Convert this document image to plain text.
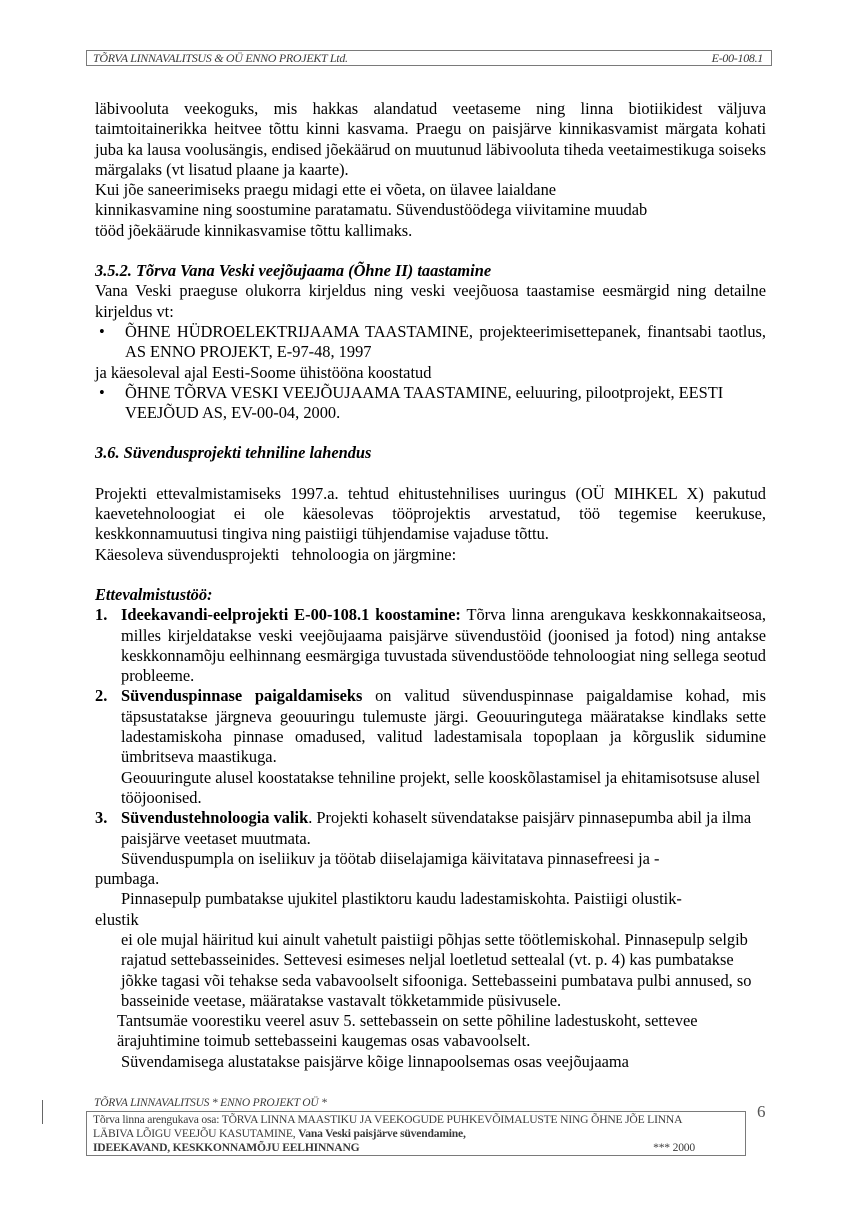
TÕRVA LINNAVALITSUS & OÜ ENNO PROJEKT Ltd.	E-00-108.1

läbivooluta veekoguks, mis hakkas alandatud veetaseme ning linna biotiikidest väljuva taimtoitainerikka heitvee tõttu kinni kasvama. Praegu on paisjärve kinnikasvamist märgata kohati juba ka lausa voolusängis, endised jõekäärud on muutunud läbivooluta tiheda veetaimestikuga soiseks märgalaks (vt lisatud plaane ja kaarte).

Kui jõe saneerimiseks praegu midagi ette ei võeta, on ülavee laialdane kinnikasvamine ning soostumine paratamatu. Süvendustöödega viivitamine muudab tööd jõekäärude kinnikasvamise tõttu kallimaks.

3.5.2. Tõrva Vana Veski veejõujaama (Õhne II) taastamine

Vana Veski praeguse olukorra kirjeldus ning veski veejõuosa taastamise eesmärgid ning detailne kirjeldus vt:

•	ÕHNE HÜDROELEKTRIJAAMA TAASTAMINE, projekteerimisettepanek, finantsabi taotlus, AS ENNO PROJEKT, E-97-48, 1997

ja käesoleval ajal Eesti-Soome ühistööna koostatud

•	ÕHNE TÕRVA VESKI VEEJÕUJAAMA TAASTAMINE, eeluuring, pilootprojekt, EESTI VEEJÕUD AS, EV-00-04, 2000.
3.6. Süvendusprojekti tehniline lahendus

Projekti ettevalmistamiseks 1997.a. tehtud ehitustehnilises uuringus (OÜ MIHKEL X) pakutud kaevetehnoloogiat ei ole käesolevas tööprojektis arvestatud, töö tegemise keerukuse, keskkonnamuutusi tingiva ning paistiigi tühjendamise vajaduse tõttu.

Käesoleva süvendusprojekti   tehnoloogia on järgmine:

Ettevalmistustöö:
1. Ideekavandi-eelprojekti E-00-108.1 koostamine: Tõrva linna arengukava keskkonnakaitseosa, milles kirjeldatakse veski veejõujaama paisjärve süvendustöid (joonised ja fotod) ning antakse keskkonnamõju eelhinnang eesmärgiga tuvustada süvendustööde tehnoloogiat ning sellega seotud probleeme.
2. Süvenduspinnase paigaldamiseks on valitud süvenduspinnase paigaldamise kohad, mis täpsustatakse järgneva geouuringu tulemuste järgi. Geouuringutega määratakse kindlaks sette ladestamiskoha pinnase omadused, valitud ladestamisala topoplaan ja kõrguslik sidumine ümbritseva maastikuga.

Geouuringute alusel koostatakse tehniline projekt, selle kooskõlastamisel ja ehitamisotsuse alusel tööjoonised.

3. Süvendustehnoloogia valik. Projekti kohaselt süvendatakse paisjärv pinnasepumba abil ja ilma paisjärve veetaset muutmata.

Süvenduspumpla on iseliikuv ja töötab diiselajamiga käivitatava pinnasefreesi ja -

pumbaga.

Pinnasepulp pumbatakse ujukitel plastiktoru kaudu ladestamiskohta. Paistiigi olustik-

elustik

ei ole mujal häiritud kui ainult vahetult paistiigi põhjas sette töötlemiskohal. Pinnasepulp selgib rajatud settebasseinides. Settevesi esimeses neljal loetletud settealal (vt. p. 4) kas pumbatakse jõkke tagasi või tehakse seda vabavoolselt sifooniga. Settebasseini pumbatava pulbi annused, so basseinide veetase, määratakse vastavalt tökketammide püsivusele.

Tantsumäe voorestiku veerel asuv 5. settebassein on sette põhiline ladestuskoht, settevee ärajuhtimine toimub settebasseini kaugemas osas vabavoolselt.

Süvendamisega alustatakse paisjärve kõige linnapoolsemas osas veejõujaama

TÕRVA LINNAVALITSUS * ENNO PROJEKT OÜ *	6
Tõrva linna arengukava osa: TÕRVA LINNA MAASTIKU JA VEEKOGUDE PUHKEVÕIMALUSTE NING ÕHNE JÕE LINNA
LÄBIVA LÕIGU VEEJÕU KASUTAMINE, Vana Veski paisjärve süvendamine,
IDEEKAVAND, KESKKONNAMÕJU EELHINNANG	*** 2000
